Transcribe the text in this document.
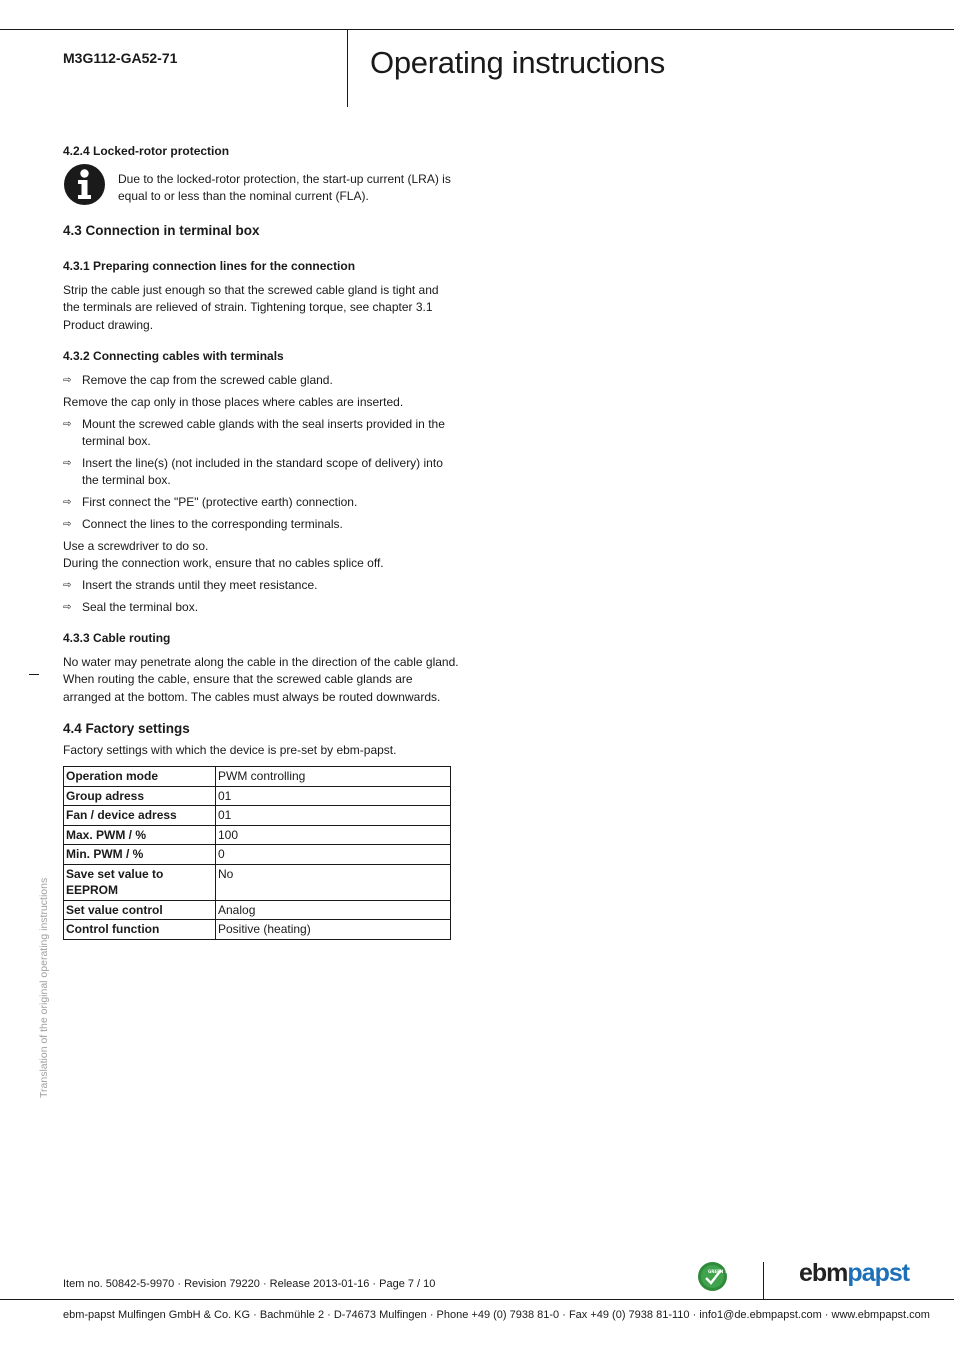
M3G112-GA52-71	Operating instructions
4.2.4 Locked-rotor protection
Due to the locked-rotor protection, the start-up current (LRA) is
equal to or less than the nominal current (FLA).
4.3 Connection in terminal box
4.3.1 Preparing connection lines for the connection
Strip the cable just enough so that the screwed cable gland is tight and
the terminals are relieved of strain. Tightening torque, see chapter 3.1
Product drawing.
4.3.2 Connecting cables with terminals
⇨ Remove the cap from the screwed cable gland.
Remove the cap only in those places where cables are inserted.
⇨ Mount the screwed cable glands with the seal inserts provided in the
terminal box.
⇨ Insert the line(s) (not included in the standard scope of delivery) into
the terminal box.
⇨ First connect the "PE" (protective earth) connection.
⇨ Connect the lines to the corresponding terminals.
Use a screwdriver to do so.
During the connection work, ensure that no cables splice off.
⇨ Insert the strands until they meet resistance.
⇨ Seal the terminal box.
4.3.3 Cable routing
No water may penetrate along the cable in the direction of the cable gland.
When routing the cable, ensure that the screwed cable glands are
arranged at the bottom. The cables must always be routed downwards.
4.4 Factory settings
Factory settings with which the device is pre-set by ebm-papst.
Operation mode	PWM controlling
Group adress	01
Fan / device adress	01
Max. PWM / %	100
Min. PWM / %	0
Save set value to
EEPROM	No
Set value control	Analog
Control function	Positive (heating)
Translation of the original operating instructions
Item no. 50842-5-9970 · Revision 79220 · Release 2013-01-16 · Page 7 / 10
GREEN TECH	ebmpapst
ebm-papst Mulfingen GmbH & Co. KG · Bachmühle 2 · D-74673 Mulfingen · Phone +49 (0) 7938 81-0 · Fax +49 (0) 7938 81-110 · info1@de.ebmpapst.com · www.ebmpapst.com
